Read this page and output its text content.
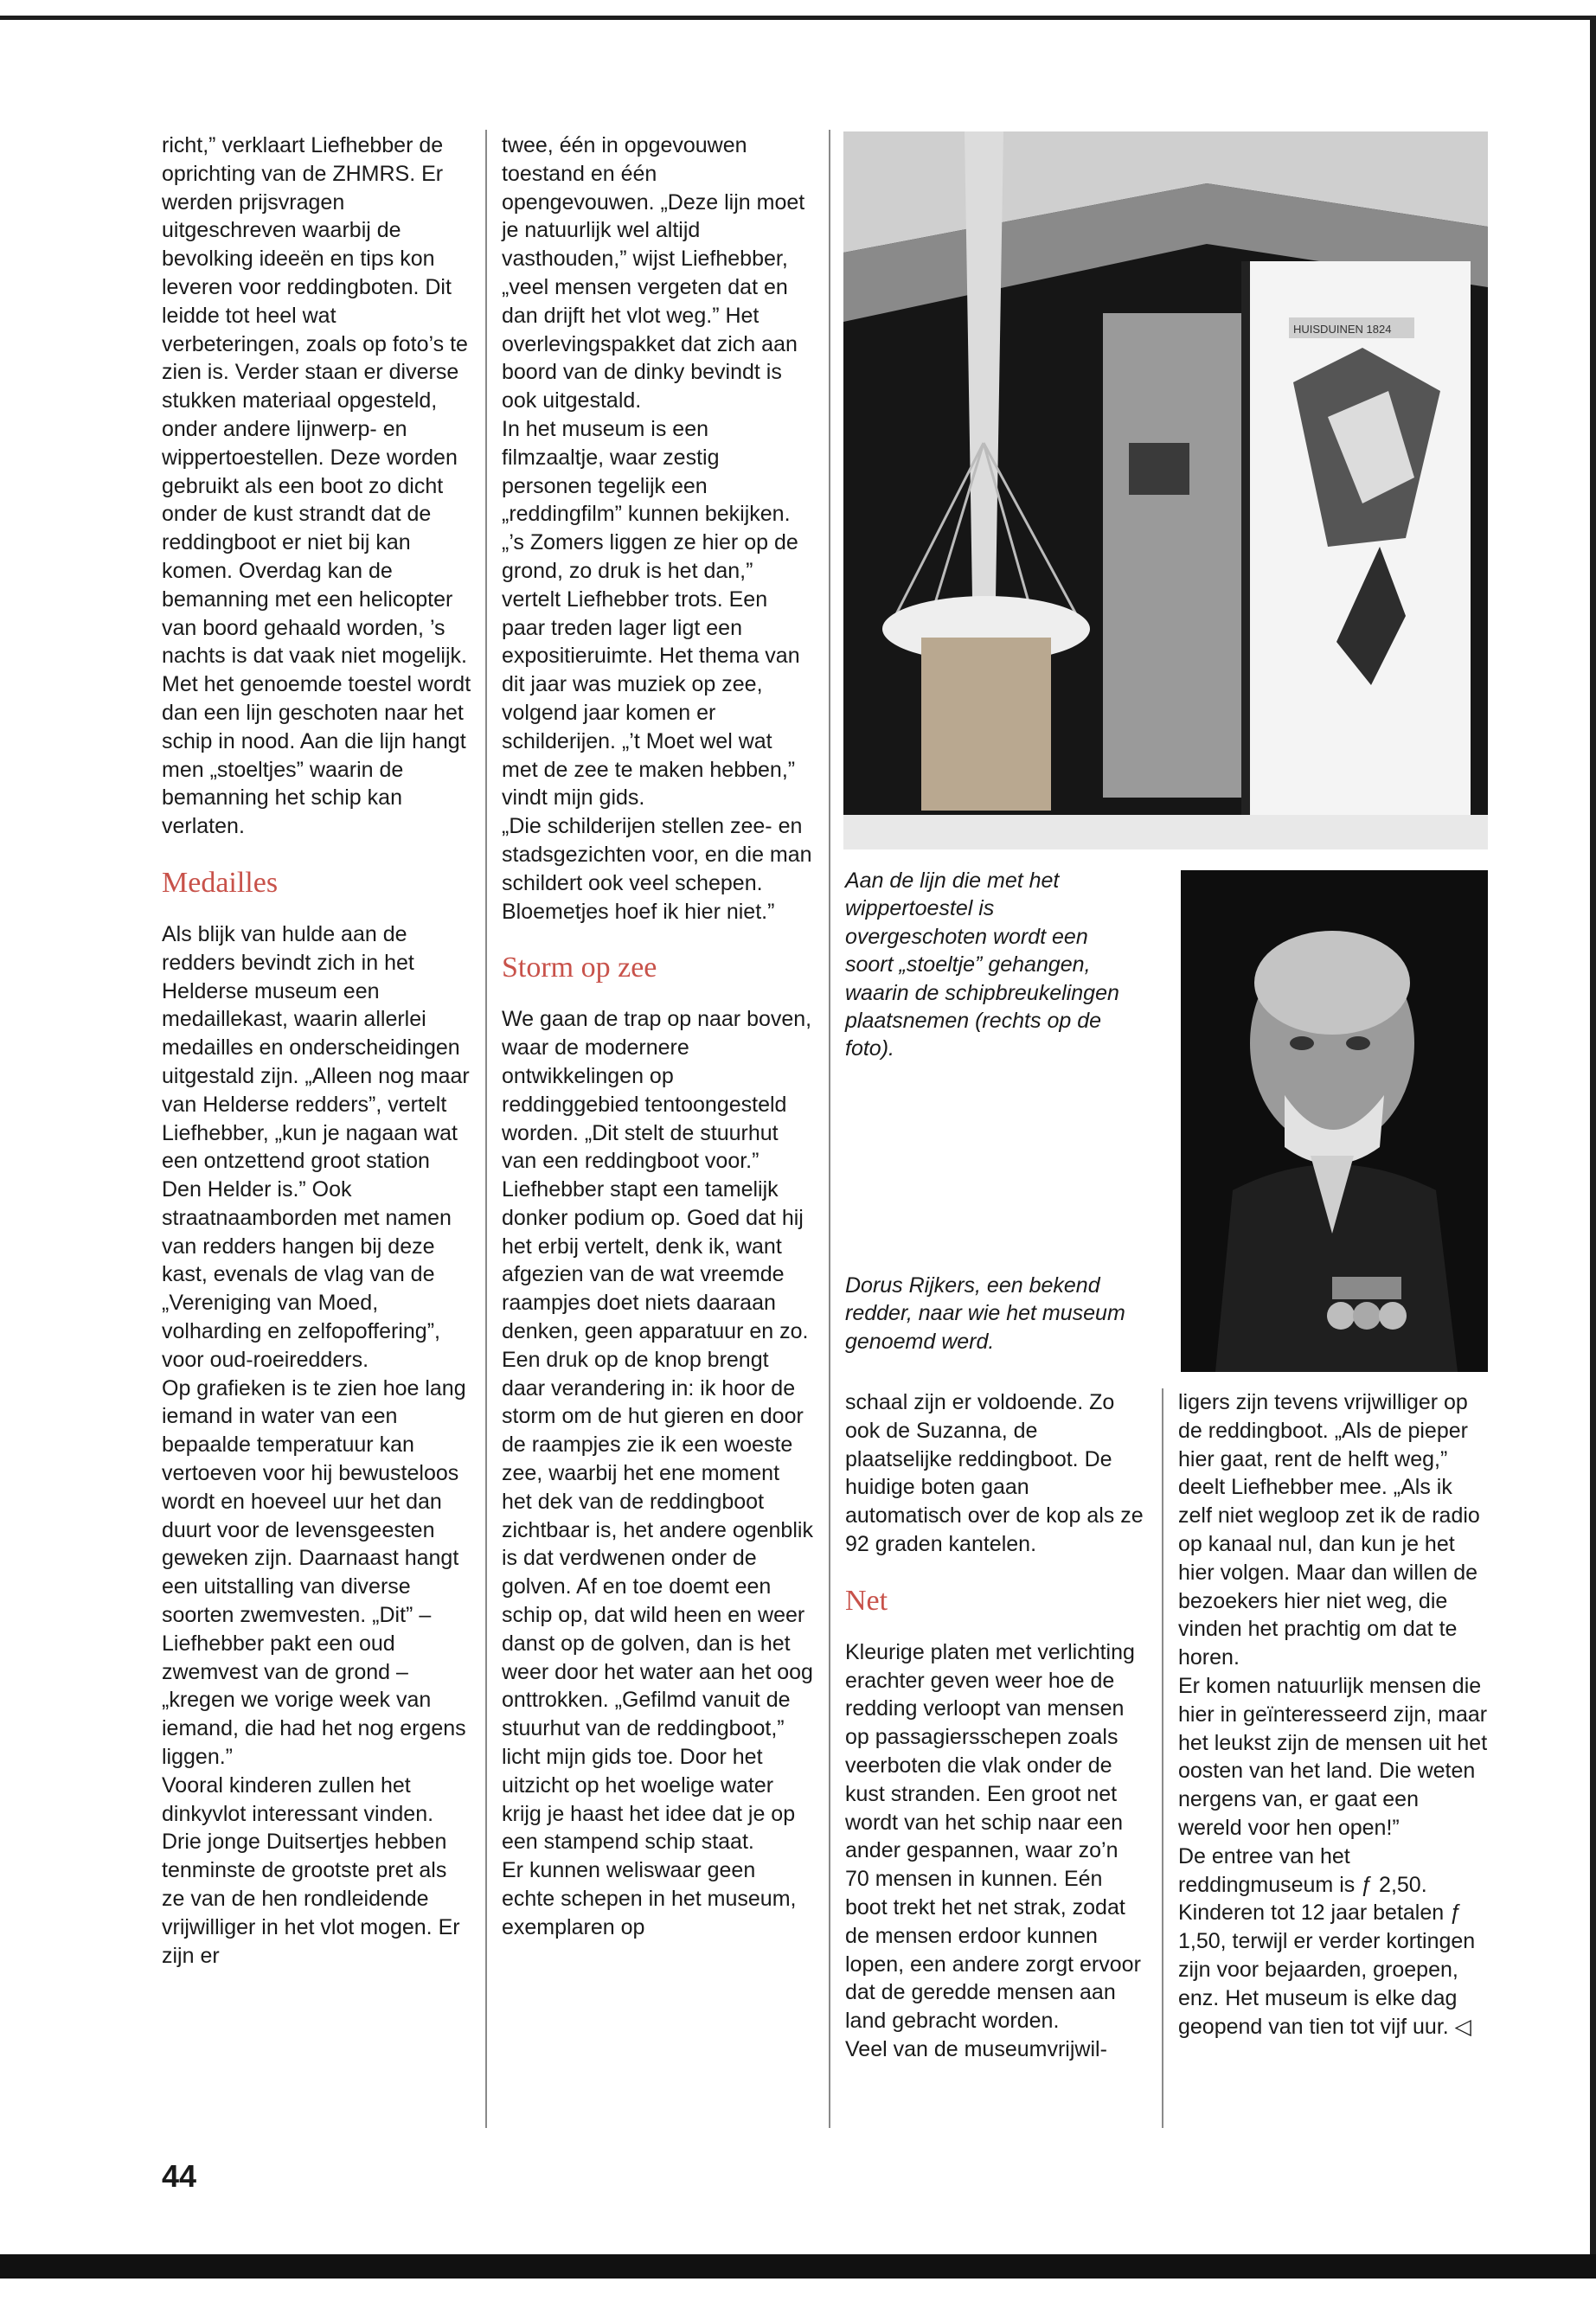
richt,” verklaart Liefhebber de oprichting van de ZHMRS. Er werden prijsvragen uitgeschreven waarbij de bevolking ideeën en tips kon leveren voor reddingboten. Dit leidde tot heel wat verbeteringen, zoals op foto’s te zien is. Verder staan er diverse stukken materiaal opgesteld, onder andere lijnwerp- en wippertoestellen. Deze worden gebruikt als een boot zo dicht onder de kust strandt dat de reddingboot er niet bij kan komen. Overdag kan de bemanning met een helicopter van boord gehaald worden, ’s nachts is dat vaak niet mogelijk. Met het genoemde toestel wordt dan een lijn geschoten naar het schip in nood. Aan die lijn hangt men „stoeltjes” waarin de bemanning het schip kan verlaten.

Medailles

Als blijk van hulde aan de redders bevindt zich in het Helderse museum een medaillekast, waarin allerlei medailles en onderscheidingen uitgestald zijn. „Alleen nog maar van Helderse redders”, vertelt Liefhebber, „kun je nagaan wat een ontzettend groot station Den Helder is.” Ook straatnaamborden met namen van redders hangen bij deze kast, evenals de vlag van de „Vereniging van Moed, volharding en zelfopoffering”, voor oud-roeiredders.

Op grafieken is te zien hoe lang iemand in water van een bepaalde temperatuur kan vertoeven voor hij bewusteloos wordt en hoeveel uur het dan duurt voor de levensgeesten geweken zijn. Daarnaast hangt een uitstalling van diverse soorten zwemvesten. „Dit” – Liefhebber pakt een oud zwemvest van de grond – „kregen we vorige week van iemand, die had het nog ergens liggen.”

Vooral kinderen zullen het dinkyvlot interessant vinden. Drie jonge Duitsertjes hebben tenminste de grootste pret als ze van de hen rondleidende vrijwilliger in het vlot mogen. Er zijn er

twee, één in opgevouwen toestand en één opengevouwen. „Deze lijn moet je natuurlijk wel altijd vasthouden,” wijst Liefhebber, „veel mensen vergeten dat en dan drijft het vlot weg.” Het overlevingspakket dat zich aan boord van de dinky bevindt is ook uitgestald.

In het museum is een filmzaaltje, waar zestig personen tegelijk een „reddingfilm” kunnen bekijken. „’s Zomers liggen ze hier op de grond, zo druk is het dan,” vertelt Liefhebber trots. Een paar treden lager ligt een expositieruimte. Het thema van dit jaar was muziek op zee, volgend jaar komen er schilderijen. „’t Moet wel wat met de zee te maken hebben,” vindt mijn gids.

„Die schilderijen stellen zee- en stadsgezichten voor, en die man schildert ook veel schepen. Bloemetjes hoef ik hier niet.”

Storm op zee

We gaan de trap op naar boven, waar de modernere ontwikkelingen op reddinggebied tentoongesteld worden. „Dit stelt de stuurhut van een reddingboot voor.” Liefhebber stapt een tamelijk donker podium op. Goed dat hij het erbij vertelt, denk ik, want afgezien van de wat vreemde raampjes doet niets daaraan denken, geen apparatuur en zo.

Een druk op de knop brengt daar verandering in: ik hoor de storm om de hut gieren en door de raampjes zie ik een woeste zee, waarbij het ene moment het dek van de reddingboot zichtbaar is, het andere ogenblik is dat verdwenen onder de golven. Af en toe doemt een schip op, dat wild heen en weer danst op de golven, dan is het weer door het water aan het oog onttrokken. „Gefilmd vanuit de stuurhut van de reddingboot,” licht mijn gids toe. Door het uitzicht op het woelige water krijg je haast het idee dat je op een stampend schip staat.

Er kunnen weliswaar geen echte schepen in het museum, exemplaren op

HUISDUINEN 1824

Aan de lijn die met het wippertoestel is overgeschoten wordt een soort „stoeltje” gehangen, waarin de schipbreukelingen plaatsnemen (rechts op de foto).

Dorus Rijkers, een bekend redder, naar wie het museum genoemd werd.

schaal zijn er voldoende. Zo ook de Suzanna, de plaatselijke reddingboot. De huidige boten gaan automatisch over de kop als ze 92 graden kantelen.

Net

Kleurige platen met verlichting erachter geven weer hoe de redding verloopt van mensen op passagiersschepen zoals veerboten die vlak onder de kust stranden. Een groot net wordt van het schip naar een ander gespannen, waar zo’n 70 mensen in kunnen. Eén boot trekt het net strak, zodat de mensen erdoor kunnen lopen, een andere zorgt ervoor dat de geredde mensen aan land gebracht worden.

Veel van de museumvrijwil-

ligers zijn tevens vrijwilliger op de reddingboot. „Als de pieper hier gaat, rent de helft weg,” deelt Liefhebber mee. „Als ik zelf niet wegloop zet ik de radio op kanaal nul, dan kun je het hier volgen. Maar dan willen de bezoekers hier niet weg, die vinden het prachtig om dat te horen.

Er komen natuurlijk mensen die hier in geïnteresseerd zijn, maar het leukst zijn de mensen uit het oosten van het land. Die weten nergens van, er gaat een wereld voor hen open!”

De entree van het reddingmuseum is ƒ 2,50. Kinderen tot 12 jaar betalen ƒ 1,50, terwijl er verder kortingen zijn voor bejaarden, groepen, enz. Het museum is elke dag geopend van tien tot vijf uur. ◁

44
